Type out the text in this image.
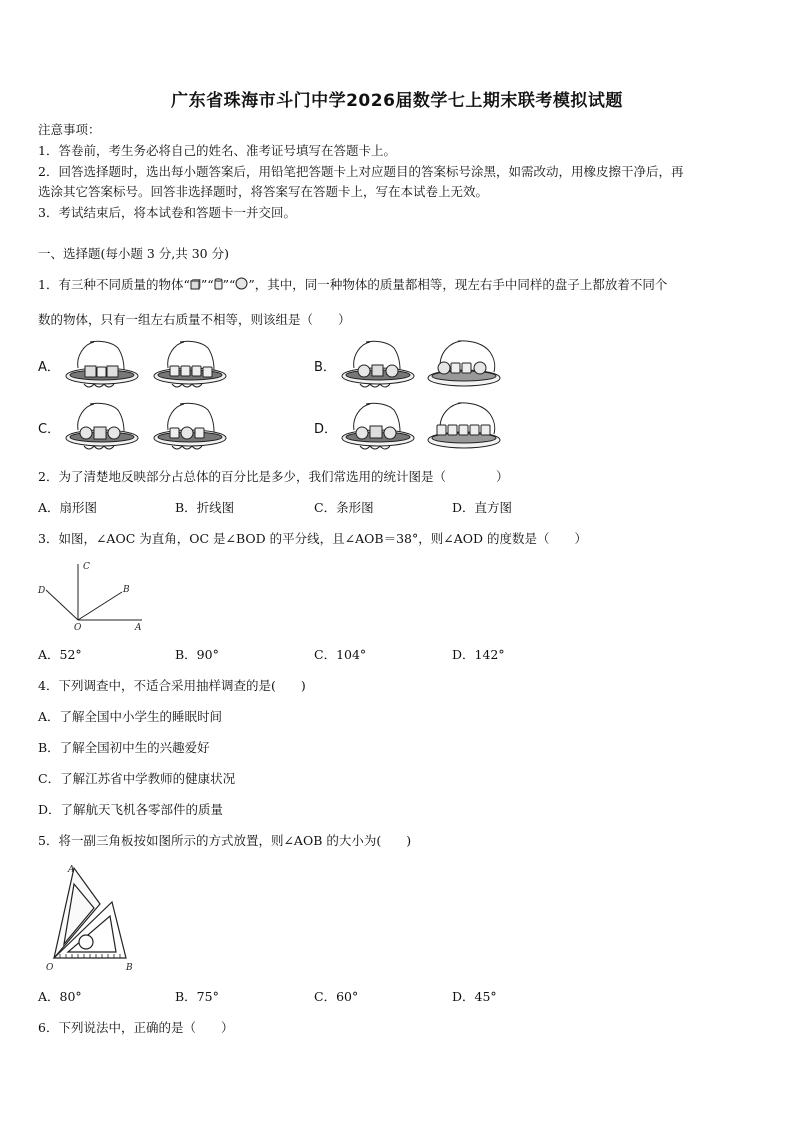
广东省珠海市斗门中学2026届数学七上期末联考模拟试题
注意事项：
1．答卷前，考生务必将自己的姓名、准考证号填写在答题卡上。
2．回答选择题时，选出每小题答案后，用铅笔把答题卡上对应题目的答案标号涂黑，如需改动，用橡皮擦干净后，再
选涂其它答案标号。回答非选择题时，将答案写在答题卡上，写在本试卷上无效。
3．考试结束后，将本试卷和答题卡一并交回。
一、选择题(每小题 3 分,共 30 分)
1．有三种不同质量的物体“ ”“ ”“ ”，其中，同一种物体的质量都相等，现左右手中同样的盘子上都放着不同个
数的物体，只有一组左右质量不相等，则该组是（　　）
A．	B．
C．	D．
2．为了清楚地反映部分占总体的百分比是多少，我们常选用的统计图是（　　　　）
A．扇形图	B．折线图	C．条形图	D．直方图
3．如图，∠AOC 为直角，OC 是∠BOD 的平分线，且∠AOB＝38°，则∠AOD 的度数是（　　）
C
D	B
O	A
A．52°	B．90°	C．104°	D．142°
4．下列调查中，不适合采用抽样调查的是(　　)
A．了解全国中小学生的睡眠时间
B．了解全国初中生的兴趣爱好
C．了解江苏省中学教师的健康状况
D．了解航天飞机各零部件的质量
5．将一副三角板按如图所示的方式放置，则∠AOB 的大小为(　　)
A
O	B
A．80°	B．75°	C．60°	D．45°
6．下列说法中，正确的是（　　）
